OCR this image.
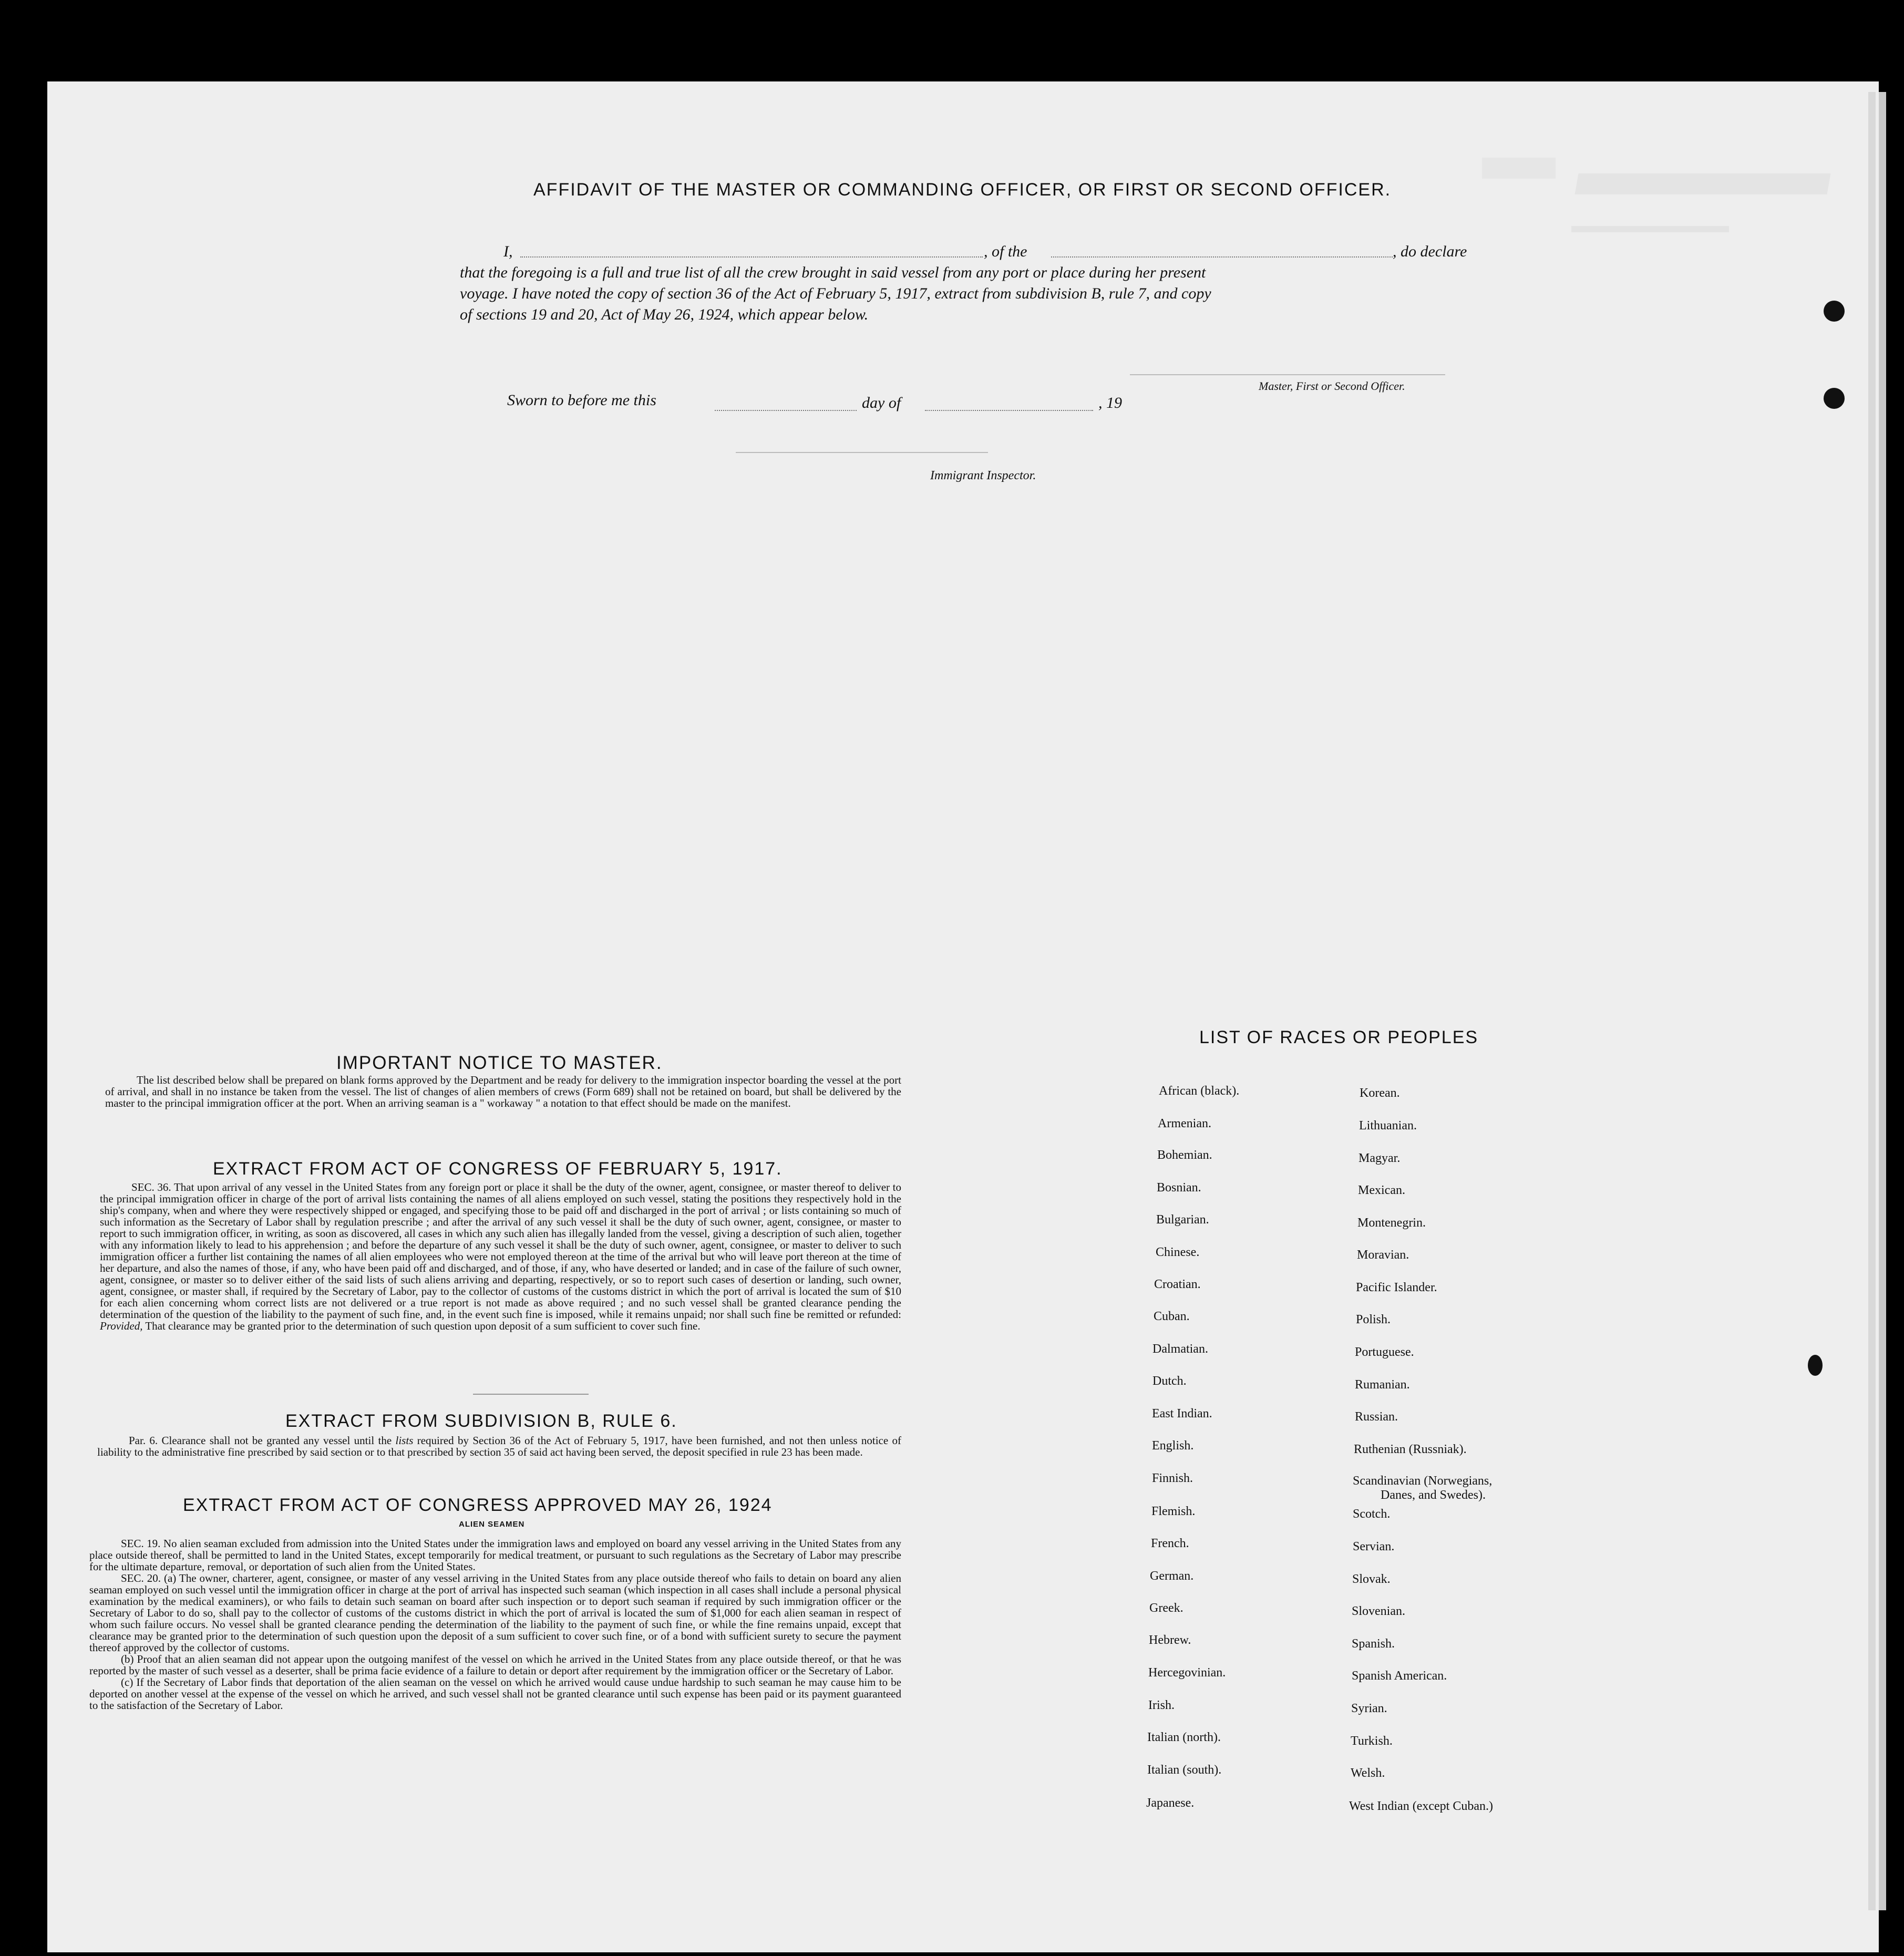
AFFIDAVIT OF THE MASTER OR COMMANDING OFFICER, OR FIRST OR SECOND OFFICER.
I,	, of the	, do declare
that the foregoing is a full and true list of all the crew brought in said vessel from any port or place during her present
voyage. I have noted the copy of section 36 of the Act of February 5, 1917, extract from subdivision B, rule 7, and copy
of sections 19 and 20, Act of May 26, 1924, which appear below.
Master, First or Second Officer.
Sworn to before me this	day of	, 19
Immigrant Inspector.
IMPORTANT NOTICE TO MASTER.

The list described below shall be prepared on blank forms approved by the Department and be ready for delivery to the immigration inspector boarding the vessel at the port of arrival, and shall in no instance be taken from the vessel. The list of changes of alien members of crews (Form 689) shall not be retained on board, but shall be delivered by the master to the principal immigration officer at the port. When an arriving seaman is a " workaway " a notation to that effect should be made on the manifest.

EXTRACT FROM ACT OF CONGRESS OF FEBRUARY 5, 1917.

SEC. 36. That upon arrival of any vessel in the United States from any foreign port or place it shall be the duty of the owner, agent, consignee, or master thereof to deliver to the principal immigration officer in charge of the port of arrival lists containing the names of all aliens employed on such vessel, stating the positions they respectively hold in the ship's company, when and where they were respectively shipped or engaged, and specifying those to be paid off and discharged in the port of arrival ; or lists containing so much of such information as the Secretary of Labor shall by regulation prescribe ; and after the arrival of any such vessel it shall be the duty of such owner, agent, consignee, or master to report to such immigration officer, in writing, as soon as discovered, all cases in which any such alien has illegally landed from the vessel, giving a description of such alien, together with any information likely to lead to his apprehension ; and before the departure of any such vessel it shall be the duty of such owner, agent, consignee, or master to deliver to such immigration officer a further list containing the names of all alien employees who were not employed thereon at the time of the arrival but who will leave port thereon at the time of her departure, and also the names of those, if any, who have been paid off and discharged, and of those, if any, who have deserted or landed; and in case of the failure of such owner, agent, consignee, or master so to deliver either of the said lists of such aliens arriving and departing, respectively, or so to report such cases of desertion or landing, such owner, agent, consignee, or master shall, if required by the Secretary of Labor, pay to the collector of customs of the customs district in which the port of arrival is located the sum of $10 for each alien concerning whom correct lists are not delivered or a true report is not made as above required ; and no such vessel shall be granted clearance pending the determination of the question of the liability to the payment of such fine, and, in the event such fine is imposed, while it remains unpaid; nor shall such fine be remitted or refunded: Provided, That clearance may be granted prior to the determination of such question upon deposit of a sum sufficient to cover such fine.

EXTRACT FROM SUBDIVISION B, RULE 6.

Par. 6. Clearance shall not be granted any vessel until the lists required by Section 36 of the Act of February 5, 1917, have been furnished, and not then unless notice of liability to the administrative fine prescribed by said section or to that prescribed by section 35 of said act having been served, the deposit specified in rule 23 has been made.

EXTRACT FROM ACT OF CONGRESS APPROVED MAY 26, 1924
ALIEN SEAMEN

SEC. 19. No alien seaman excluded from admission into the United States under the immigration laws and employed on board any vessel arriving in the United States from any place outside thereof, shall be permitted to land in the United States, except temporarily for medical treatment, or pursuant to such regulations as the Secretary of Labor may prescribe for the ultimate departure, removal, or deportation of such alien from the United States.

SEC. 20. (a) The owner, charterer, agent, consignee, or master of any vessel arriving in the United States from any place outside thereof who fails to detain on board any alien seaman employed on such vessel until the immigration officer in charge at the port of arrival has inspected such seaman (which inspection in all cases shall include a personal physical examination by the medical examiners), or who fails to detain such seaman on board after such inspection or to deport such seaman if required by such immigration officer or the Secretary of Labor to do so, shall pay to the collector of customs of the customs district in which the port of arrival is located the sum of $1,000 for each alien seaman in respect of whom such failure occurs. No vessel shall be granted clearance pending the determination of the liability to the payment of such fine, or while the fine remains unpaid, except that clearance may be granted prior to the determination of such question upon the deposit of a sum sufficient to cover such fine, or of a bond with sufficient surety to secure the payment thereof approved by the collector of customs.

(b) Proof that an alien seaman did not appear upon the outgoing manifest of the vessel on which he arrived in the United States from any place outside thereof, or that he was reported by the master of such vessel as a deserter, shall be prima facie evidence of a failure to detain or deport after requirement by the immigration officer or the Secretary of Labor.

(c) If the Secretary of Labor finds that deportation of the alien seaman on the vessel on which he arrived would cause undue hardship to such seaman he may cause him to be deported on another vessel at the expense of the vessel on which he arrived, and such vessel shall not be granted clearance until such expense has been paid or its payment guaranteed to the satisfaction of the Secretary of Labor.

LIST OF RACES OR PEOPLES
African (black).
Armenian.
Bohemian.
Bosnian.
Bulgarian.
Chinese.
Croatian.
Cuban.
Dalmatian.
Dutch.
East Indian.
English.
Finnish.
Flemish.
French.
German.
Greek.
Hebrew.
Hercegovinian.
Irish.
Italian (north).
Italian (south).
Japanese.
Korean.
Lithuanian.
Magyar.
Mexican.
Montenegrin.
Moravian.
Pacific Islander.
Polish.
Portuguese.
Rumanian.
Russian.
Ruthenian (Russniak).
Scandinavian (Norwegians,
Danes, and Swedes).
Scotch.
Servian.
Slovak.
Slovenian.
Spanish.
Spanish American.
Syrian.
Turkish.
Welsh.
West Indian (except Cuban.)
